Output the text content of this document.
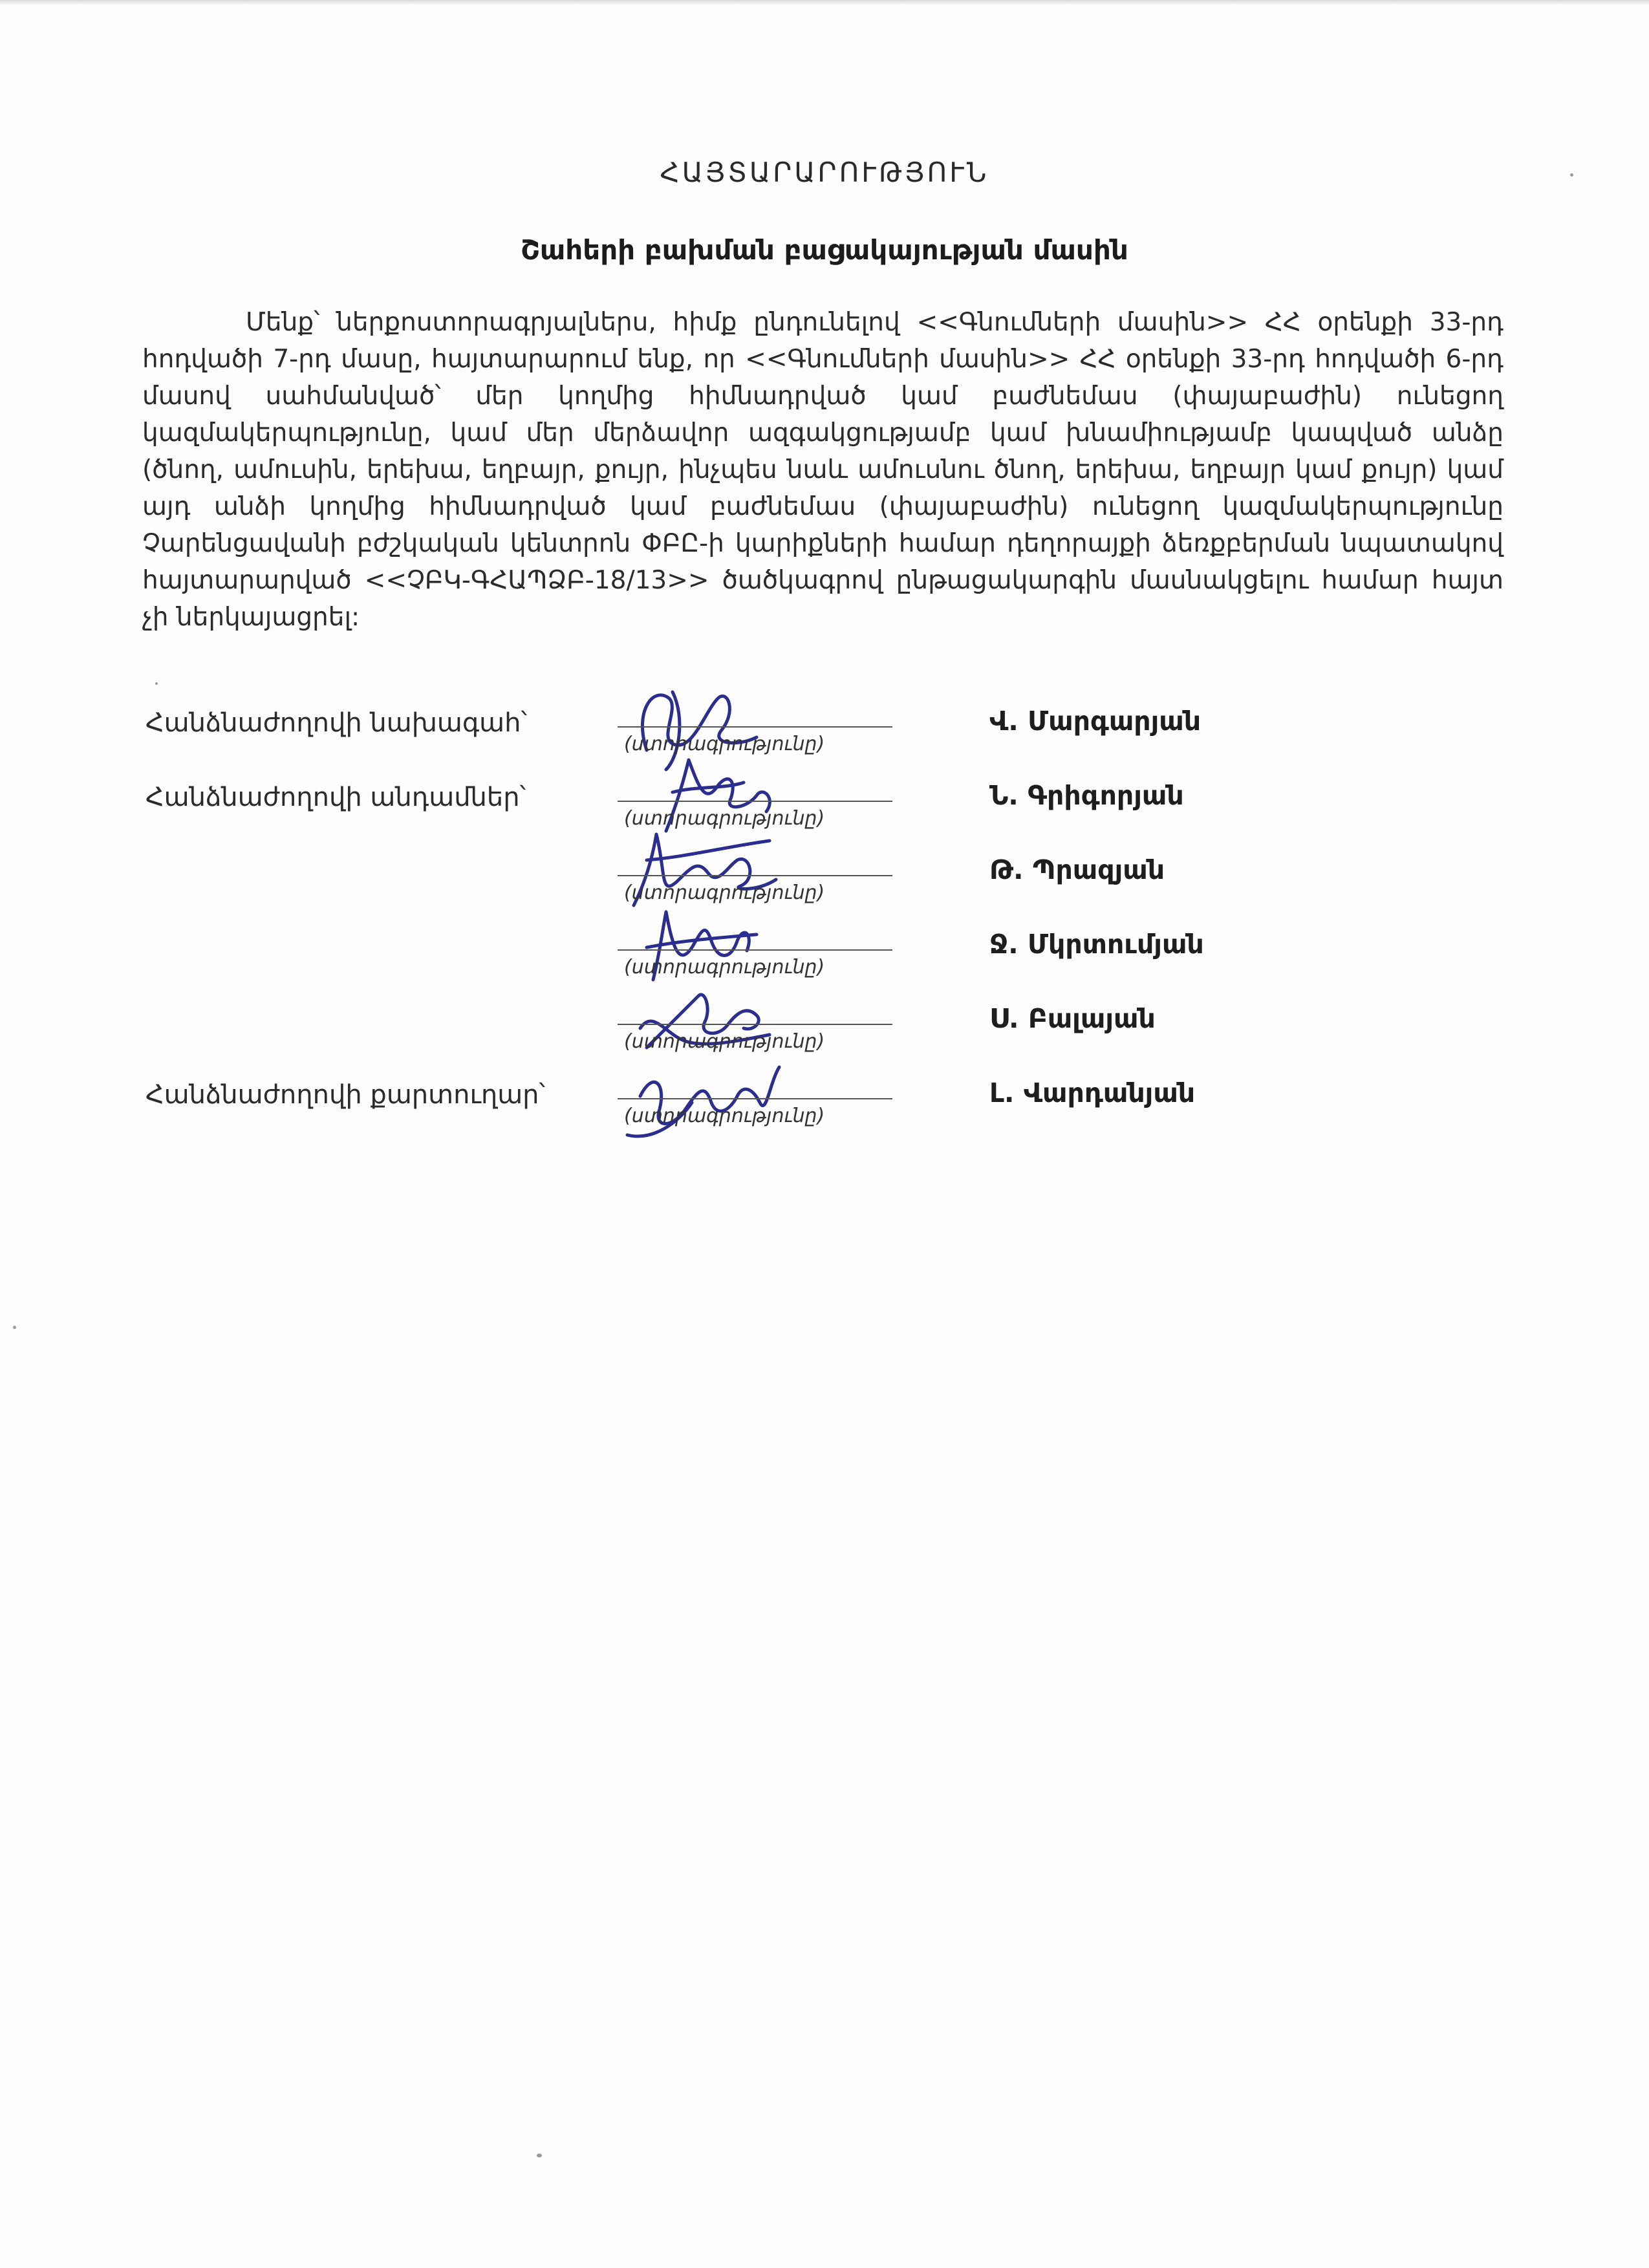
ՀԱՅՏԱՐԱՐՈՒԹՅՈՒՆ
Շահերի բախման բացակայության մասին
Մենք՝ ներքոստորագրյալներս, հիմք ընդունելով <<Գնումների մասին>> ՀՀ օրենքի 33-րդ հոդվածի 7-րդ մասը, հայտարարում ենք, որ <<Գնումների մասին>> ՀՀ օրենքի 33-րդ հոդվածի 6-րդ մասով սահմանված՝ մեր կողմից հիմնադրված կամ բաժնեմաս (փայաբաժին) ունեցող կազմակերպությունը, կամ մեր մերձավոր ազգակցությամբ կամ խնամիությամբ կապված անձը (ծնող, ամուսին, երեխա, եղբայր, քույր, ինչպես նաև ամուսնու ծնող, երեխա, եղբայր կամ քույր) կամ այդ անձի կողմից հիմնադրված կամ բաժնեմաս (փայաբաժին) ունեցող կազմակերպությունը Չարենցավանի բժշկական կենտրոն ՓԲԸ-ի կարիքների համար դեղորայքի ձեռքբերման նպատակով հայտարարված <<ՉԲԿ-ԳՀԱՊՁԲ-18/13>> ծածկագրով ընթացակարգին մասնակցելու համար հայտ չի ներկայացրել:
Հանձնաժողովի նախագահ՝
(ստորագրությունը)
Վ. Մարգարյան
Հանձնաժողովի անդամներ՝
(ստորագրությունը)
Ն. Գրիգորյան
(ստորագրությունը)
Թ. Պրազյան
(ստորագրությունը)
Ջ. Մկրտումյան
(ստորագրությունը)
Ս. Բալայան
Հանձնաժողովի քարտուղար՝
(ստորագրությունը)
Լ. Վարդանյան
